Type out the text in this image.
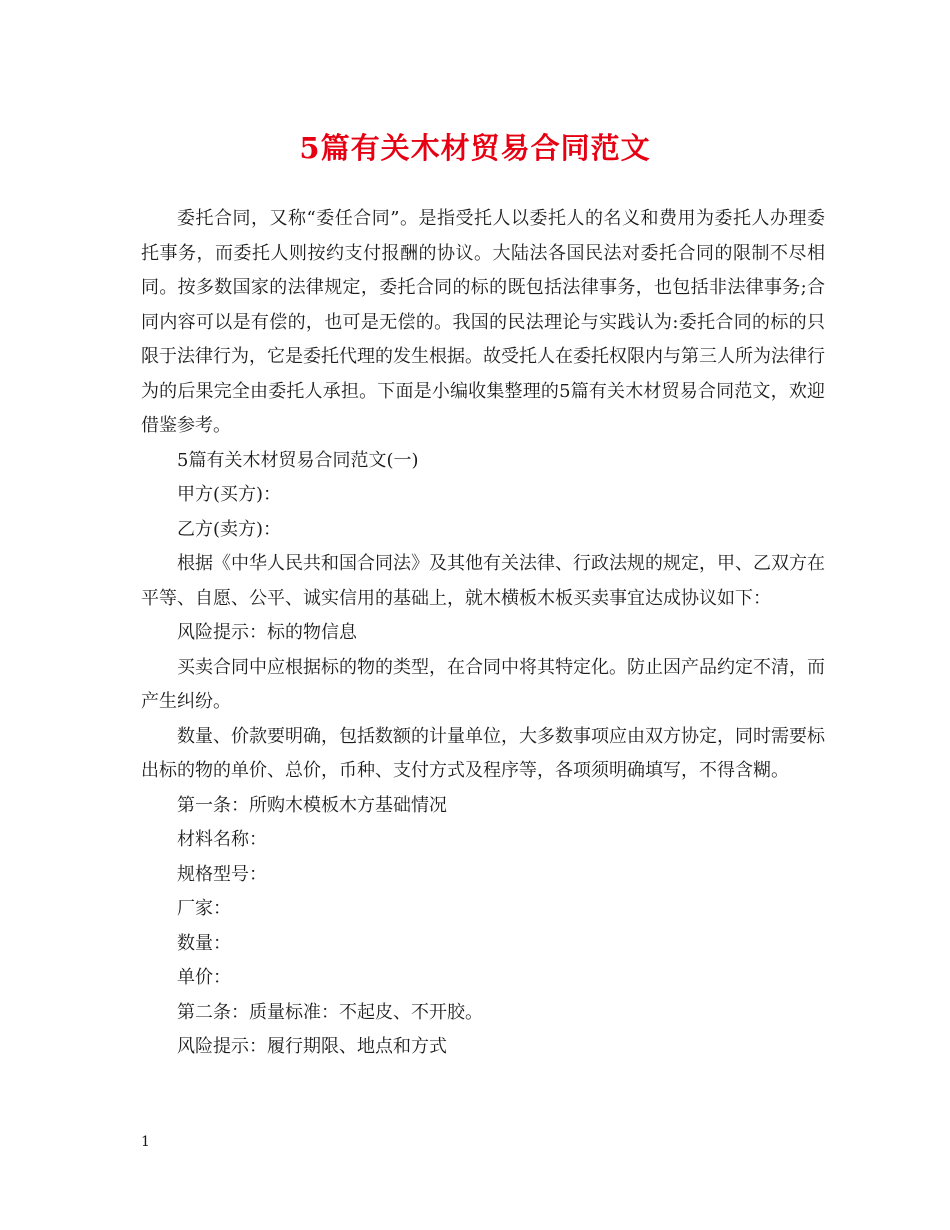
5篇有关木材贸易合同范文

委托合同，又称“委任合同”。是指受托人以委托人的名义和费用为委托人办理委托事务，而委托人则按约支付报酬的协议。大陆法各国民法对委托合同的限制不尽相同。按多数国家的法律规定，委托合同的标的既包括法律事务，也包括非法律事务;合同内容可以是有偿的，也可是无偿的。我国的民法理论与实践认为:委托合同的标的只限于法律行为，它是委托代理的发生根据。故受托人在委托权限内与第三人所为法律行为的后果完全由委托人承担。下面是小编收集整理的5篇有关木材贸易合同范文，欢迎借鉴参考。

5篇有关木材贸易合同范文(一)

甲方(买方)：

乙方(卖方)：

根据《中华人民共和国合同法》及其他有关法律、行政法规的规定，甲、乙双方在平等、自愿、公平、诚实信用的基础上，就木横板木板买卖事宜达成协议如下：

风险提示：标的物信息

买卖合同中应根据标的物的类型，在合同中将其特定化。防止因产品约定不清，而产生纠纷。

数量、价款要明确，包括数额的计量单位，大多数事项应由双方协定，同时需要标出标的物的单价、总价，币种、支付方式及程序等，各项须明确填写，不得含糊。

第一条：所购木模板木方基础情况

材料名称：

规格型号：

厂家：

数量：

单价：

第二条：质量标准：不起皮、不开胶。

风险提示：履行期限、地点和方式

1
